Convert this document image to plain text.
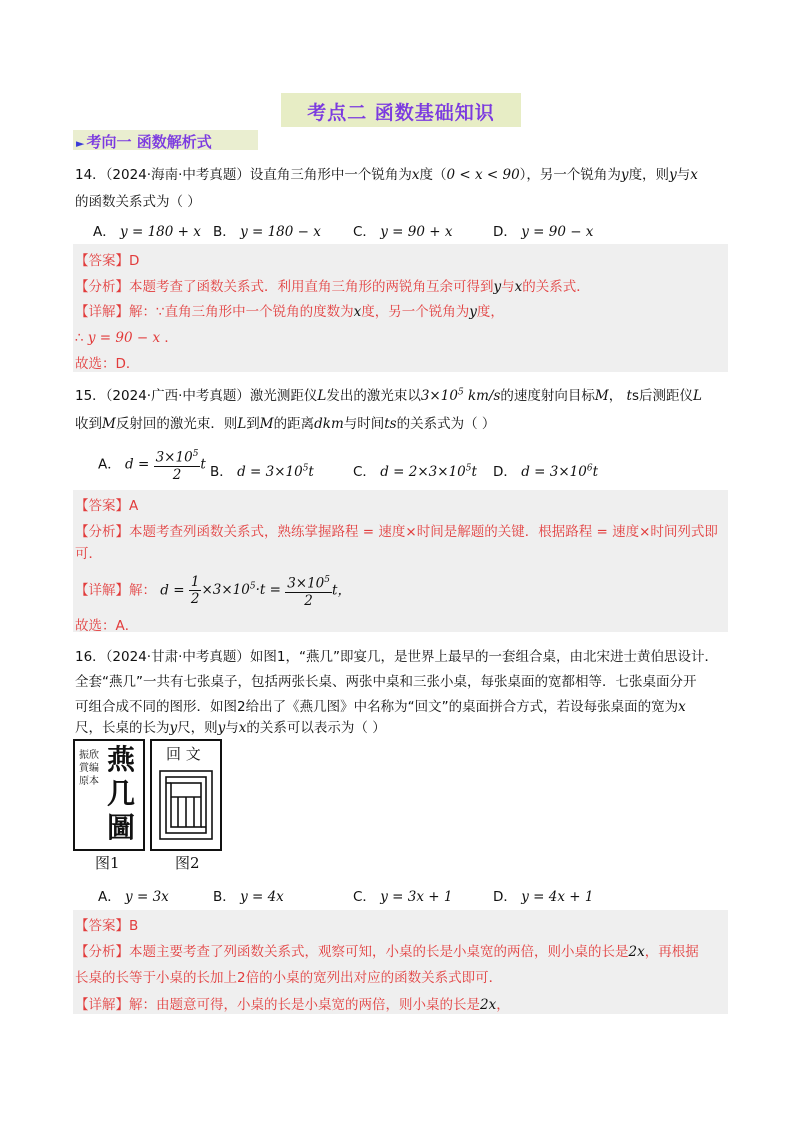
考点二 函数基础知识
► 考向一 函数解析式
14．（2024·海南·中考真题）设直角三角形中一个锐角为x度（0 < x < 90），另一个锐角为y度，则y与x
的函数关系式为（ ）
A． y = 180 + x B． y = 180 − x C． y = 90 + x	D． y = 90 − x
【答案】D
【分析】本题考查了函数关系式．利用直角三角形的两锐角互余可得到y与x的关系式．
【详解】解：∵直角三角形中一个锐角的度数为x度，另一个锐角为y度，
∴ y = 90 − x ．
故选：D．
15．（2024·广西·中考真题）激光测距仪L发出的激光束以$3\times 10^5$ km/s的速度射向目标M， ts后测距仪L
收到M反射回的激光束．则L到M的距离dkm与时间ts的关系式为（ ）
A． $d = \frac{3\times 10^5}{2}$ t B． $d = 3\times 10^5t$	C． $d = 2\times 3\times 10^5t$ D． $d = 3\times 10^6t$
【答案】A
【分析】本题考查列函数关系式，熟练掌握路程 = 速度×时间是解题的关键．根据路程 = 速度×时间列式即
可．
【详解】解： $d = \frac{1}{2} \times 3\times 10^5\cdot t = \frac{3\times 10^5}{2}$ t，
故选：A．
16．（2024·甘肃·中考真题）如图1，“燕几”即宴几，是世界上最早的一套组合桌，由北宋进士黄伯思设计．
全套“燕几”一共有七张桌子，包括两张长桌、两张中桌和三张小桌，每张桌面的宽都相等．七张桌面分开
可组合成不同的图形．如图2给出了《燕几图》中名称为“回文”的桌面拼合方式，若设每张桌面的宽为x
尺，长桌的长为y尺，则y与x的关系可以表示为（ ）
振欣賞编原本
燕几圖
图1
回 文
图2
A． y = 3x	B． y = 4x	C． y = 3x + 1	D． y = 4x + 1
【答案】B
【分析】本题主要考查了列函数关系式，观察可知，小桌的长是小桌宽的两倍，则小桌的长是2x，再根据
长桌的长等于小桌的长加上2倍的小桌的宽列出对应的函数关系式即可．
【详解】解：由题意可得，小桌的长是小桌宽的两倍，则小桌的长是2x，
